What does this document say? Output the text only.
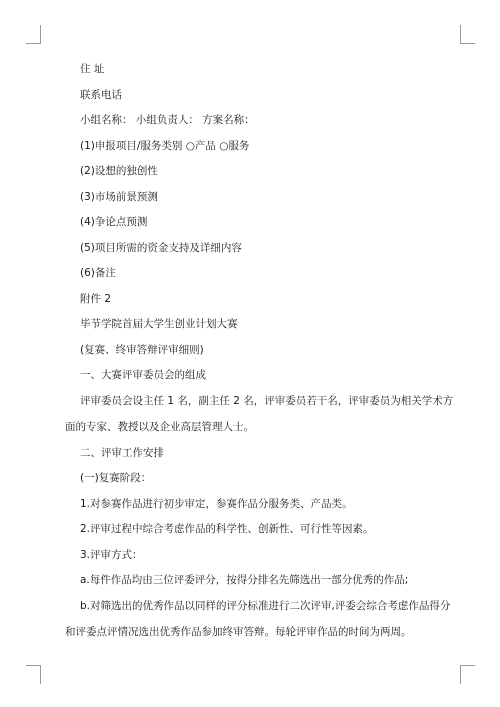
住 址
联系电话
小组名称： 小组负责人： 方案名称：
(1)申报项目/服务类别 ○产品 ○服务
(2)设想的独创性
(3)市场前景预测
(4)争论点预测
(5)项目所需的资金支持及详细内容
(6)备注
附件 2
毕节学院首届大学生创业计划大赛
(复赛、终审答辩评审细则)
一、大赛评审委员会的组成
评审委员会设主任 1 名，副主任 2 名，评审委员若干名，评审委员为相关学术方
面的专家、教授以及企业高层管理人士。
二、评审工作安排
(一)复赛阶段：
1.对参赛作品进行初步审定，参赛作品分服务类、产品类。
2.评审过程中综合考虑作品的科学性、创新性、可行性等因素。
3.评审方式：
a.每件作品均由三位评委评分，按得分排名先筛选出一部分优秀的作品;
b.对筛选出的优秀作品以同样的评分标准进行二次评审,评委会综合考虑作品得分
和评委点评情况选出优秀作品参加终审答辩。每轮评审作品的时间为两周。
